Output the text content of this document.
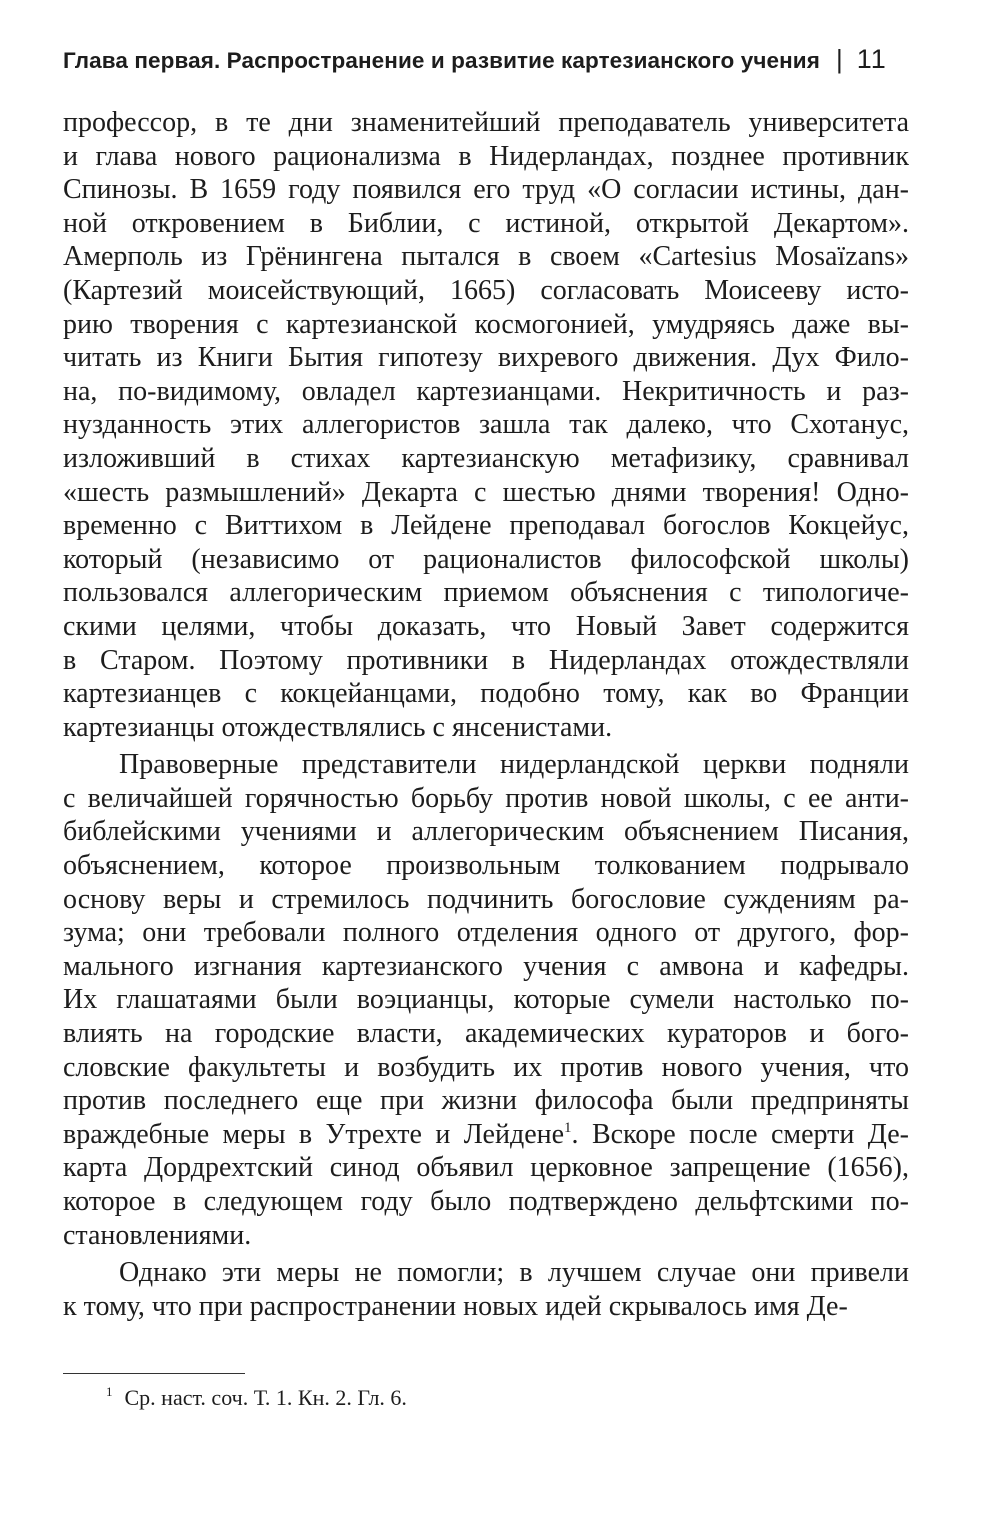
Глава первая. Распространение и развитие картезианского учения | 11
профессор, в те дни знаменитейший преподаватель университета
и глава нового рационализма в Нидерландах, позднее противник
Спинозы. В 1659 году появился его труд «О согласии истины, дан-
ной откровением в Библии, с истиной, открытой Декартом».
Амерполь из Грёнингена пытался в своем «Cartesius Mosaïzans»
(Картезий моисействующий, 1665) согласовать Моисееву исто-
рию творения с картезианской космогонией, умудряясь даже вы-
читать из Книги Бытия гипотезу вихревого движения. Дух Фило-
на, по-видимому, овладел картезианцами. Некритичность и раз-
нузданность этих аллегористов зашла так далеко, что Схотанус,
изложивший в стихах картезианскую метафизику, сравнивал
«шесть размышлений» Декарта с шестью днями творения! Одно-
временно с Виттихом в Лейдене преподавал богослов Кокцейус,
который (независимо от рационалистов философской школы)
пользовался аллегорическим приемом объяснения с типологиче-
скими целями, чтобы доказать, что Новый Завет содержится
в Старом. Поэтому противники в Нидерландах отождествляли
картезианцев с кокцейанцами, подобно тому, как во Франции
картезианцы отождествлялись с янсенистами.
Правоверные представители нидерландской церкви подняли
с величайшей горячностью борьбу против новой школы, с ее анти-
библейскими учениями и аллегорическим объяснением Писания,
объяснением, которое произвольным толкованием подрывало
основу веры и стремилось подчинить богословие суждениям ра-
зума; они требовали полного отделения одного от другого, фор-
мального изгнания картезианского учения с амвона и кафедры.
Их глашатаями были воэцианцы, которые сумели настолько по-
влиять на городские власти, академических кураторов и бого-
словские факультеты и возбудить их против нового учения, что
против последнего еще при жизни философа были предприняты
враждебные меры в Утрехте и Лейдене$^1$. Вскоре после смерти Де-
карта Дордрехтский синод объявил церковное запрещение (1656),
которое в следующем году было подтверждено дельфтскими по-
становлениями.
Однако эти меры не помогли; в лучшем случае они привели
к тому, что при распространении новых идей скрывалось имя Де-
$^1$ Ср. наст. соч. Т. 1. Кн. 2. Гл. 6.
